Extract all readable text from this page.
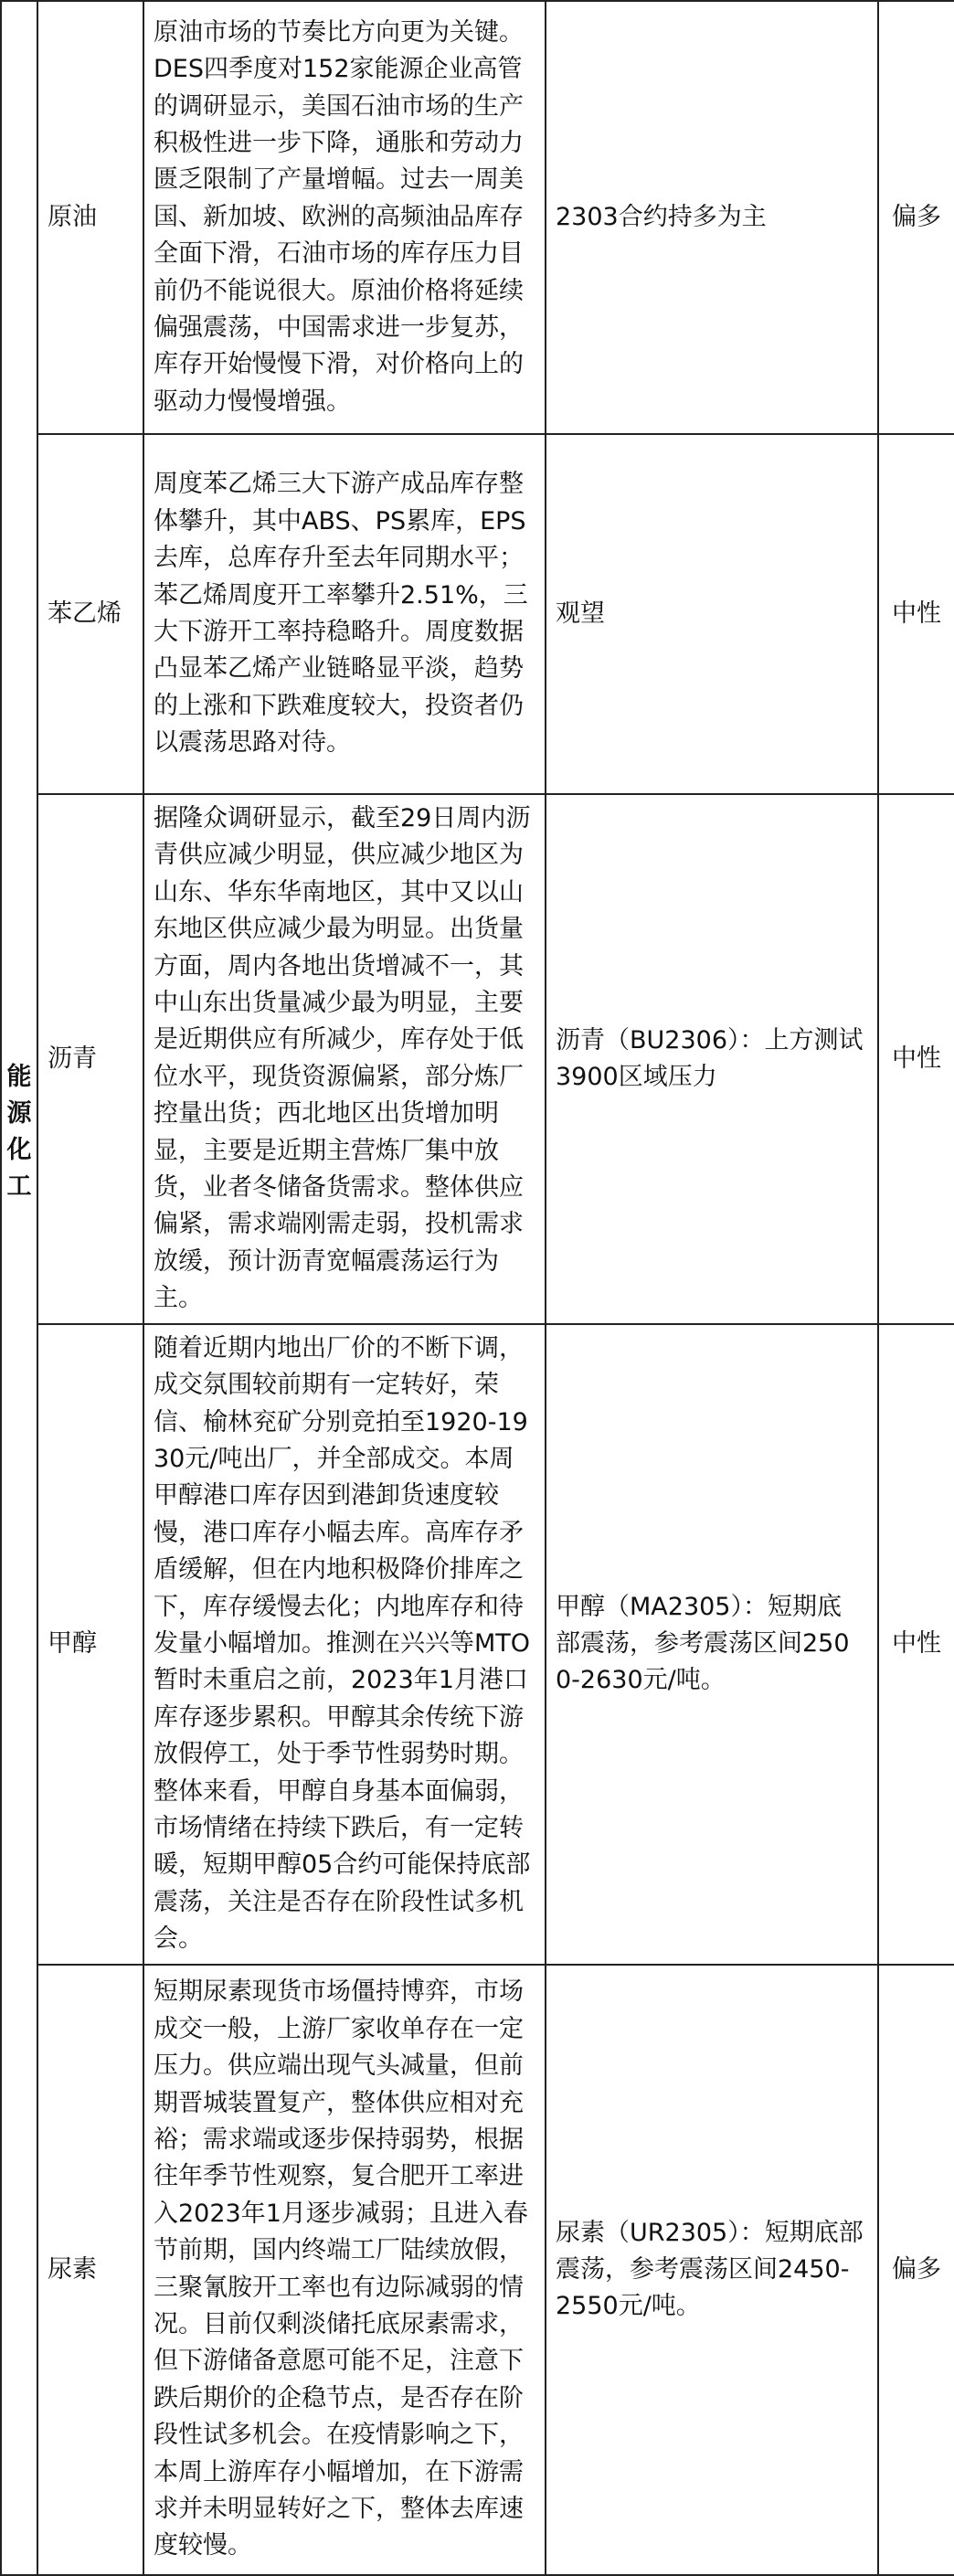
能源化工	原油	原油市场的节奏比方向更为关键。DES四季度对152家能源企业高管的调研显示，美国石油市场的生产积极性进一步下降，通胀和劳动力匮乏限制了产量增幅。过去一周美国、新加坡、欧洲的高频油品库存全面下滑，石油市场的库存压力目前仍不能说很大。原油价格将延续偏强震荡，中国需求进一步复苏，库存开始慢慢下滑，对价格向上的驱动力慢慢增强。	2303合约持多为主	偏多
	苯乙烯	周度苯乙烯三大下游产成品库存整体攀升，其中ABS、PS累库，EPS去库，总库存升至去年同期水平；苯乙烯周度开工率攀升2.51%，三大下游开工率持稳略升。周度数据凸显苯乙烯产业链略显平淡，趋势的上涨和下跌难度较大，投资者仍以震荡思路对待。	观望	中性
	沥青	据隆众调研显示，截至29日周内沥青供应减少明显，供应减少地区为山东、华东华南地区，其中又以山东地区供应减少最为明显。出货量方面，周内各地出货增减不一，其中山东出货量减少最为明显，主要是近期供应有所减少，库存处于低位水平，现货资源偏紧，部分炼厂控量出货；西北地区出货增加明显，主要是近期主营炼厂集中放货，业者冬储备货需求。整体供应偏紧，需求端刚需走弱，投机需求放缓，预计沥青宽幅震荡运行为主。	沥青（BU2306）：上方测试3900区域压力	中性
	甲醇	随着近期内地出厂价的不断下调，成交氛围较前期有一定转好，荣信、榆林兖矿分别竞拍至1920-1930元/吨出厂，并全部成交。本周甲醇港口库存因到港卸货速度较慢，港口库存小幅去库。高库存矛盾缓解，但在内地积极降价排库之下，库存缓慢去化；内地库存和待发量小幅增加。推测在兴兴等MTO暂时未重启之前，2023年1月港口库存逐步累积。甲醇其余传统下游放假停工，处于季节性弱势时期。整体来看，甲醇自身基本面偏弱，市场情绪在持续下跌后，有一定转暖，短期甲醇05合约可能保持底部震荡，关注是否存在阶段性试多机会。	甲醇（MA2305）：短期底部震荡，参考震荡区间2500-2630元/吨。	中性
	尿素	短期尿素现货市场僵持博弈，市场成交一般，上游厂家收单存在一定压力。供应端出现气头减量，但前期晋城装置复产，整体供应相对充裕；需求端或逐步保持弱势，根据往年季节性观察，复合肥开工率进入2023年1月逐步减弱；且进入春节前期，国内终端工厂陆续放假，三聚氰胺开工率也有边际减弱的情况。目前仅剩淡储托底尿素需求，但下游储备意愿可能不足，注意下跌后期价的企稳节点，是否存在阶段性试多机会。在疫情影响之下，本周上游库存小幅增加，在下游需求并未明显转好之下，整体去库速度较慢。	尿素（UR2305）：短期底部震荡，参考震荡区间2450-2550元/吨。	偏多
